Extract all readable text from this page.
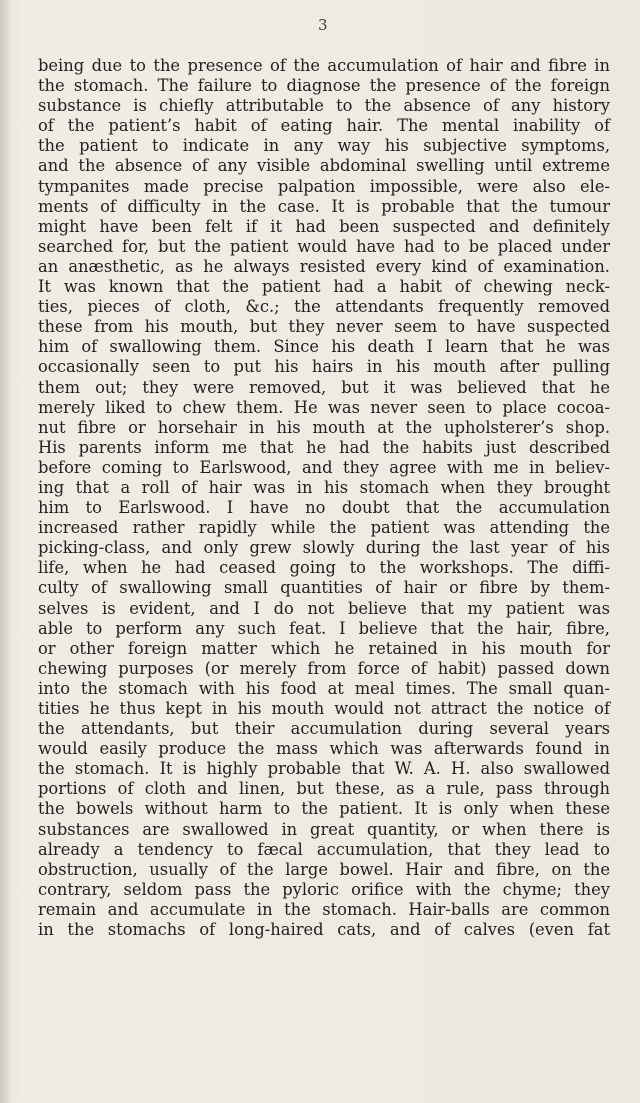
3
being due to the presence of the accumulation of hair and fibre in
the stomach. The failure to diagnose the presence of the foreign
substance is chiefly attributable to the absence of any history
of the patient’s habit of eating hair. The mental inability of
the patient to indicate in any way his subjective symptoms,
and the absence of any visible abdominal swelling until extreme
tympanites made precise palpation impossible, were also ele-
ments of difficulty in the case. It is probable that the tumour
might have been felt if it had been suspected and definitely
searched for, but the patient would have had to be placed under
an anæsthetic, as he always resisted every kind of examination.
It was known that the patient had a habit of chewing neck-
ties, pieces of cloth, &c.; the attendants frequently removed
these from his mouth, but they never seem to have suspected
him of swallowing them. Since his death I learn that he was
occasionally seen to put his hairs in his mouth after pulling
them out; they were removed, but it was believed that he
merely liked to chew them. He was never seen to place cocoa-
nut fibre or horsehair in his mouth at the upholsterer’s shop.
His parents inform me that he had the habits just described
before coming to Earlswood, and they agree with me in believ-
ing that a roll of hair was in his stomach when they brought
him to Earlswood. I have no doubt that the accumulation
increased rather rapidly while the patient was attending the
picking-class, and only grew slowly during the last year of his
life, when he had ceased going to the workshops. The diffi-
culty of swallowing small quantities of hair or fibre by them-
selves is evident, and I do not believe that my patient was
able to perform any such feat. I believe that the hair, fibre,
or other foreign matter which he retained in his mouth for
chewing purposes (or merely from force of habit) passed down
into the stomach with his food at meal times. The small quan-
tities he thus kept in his mouth would not attract the notice of
the attendants, but their accumulation during several years
would easily produce the mass which was afterwards found in
the stomach. It is highly probable that W. A. H. also swallowed
portions of cloth and linen, but these, as a rule, pass through
the bowels without harm to the patient. It is only when these
substances are swallowed in great quantity, or when there is
already a tendency to fæcal accumulation, that they lead to
obstruction, usually of the large bowel. Hair and fibre, on the
contrary, seldom pass the pyloric orifice with the chyme; they
remain and accumulate in the stomach. Hair-balls are common
in the stomachs of long-haired cats, and of calves (even fat
